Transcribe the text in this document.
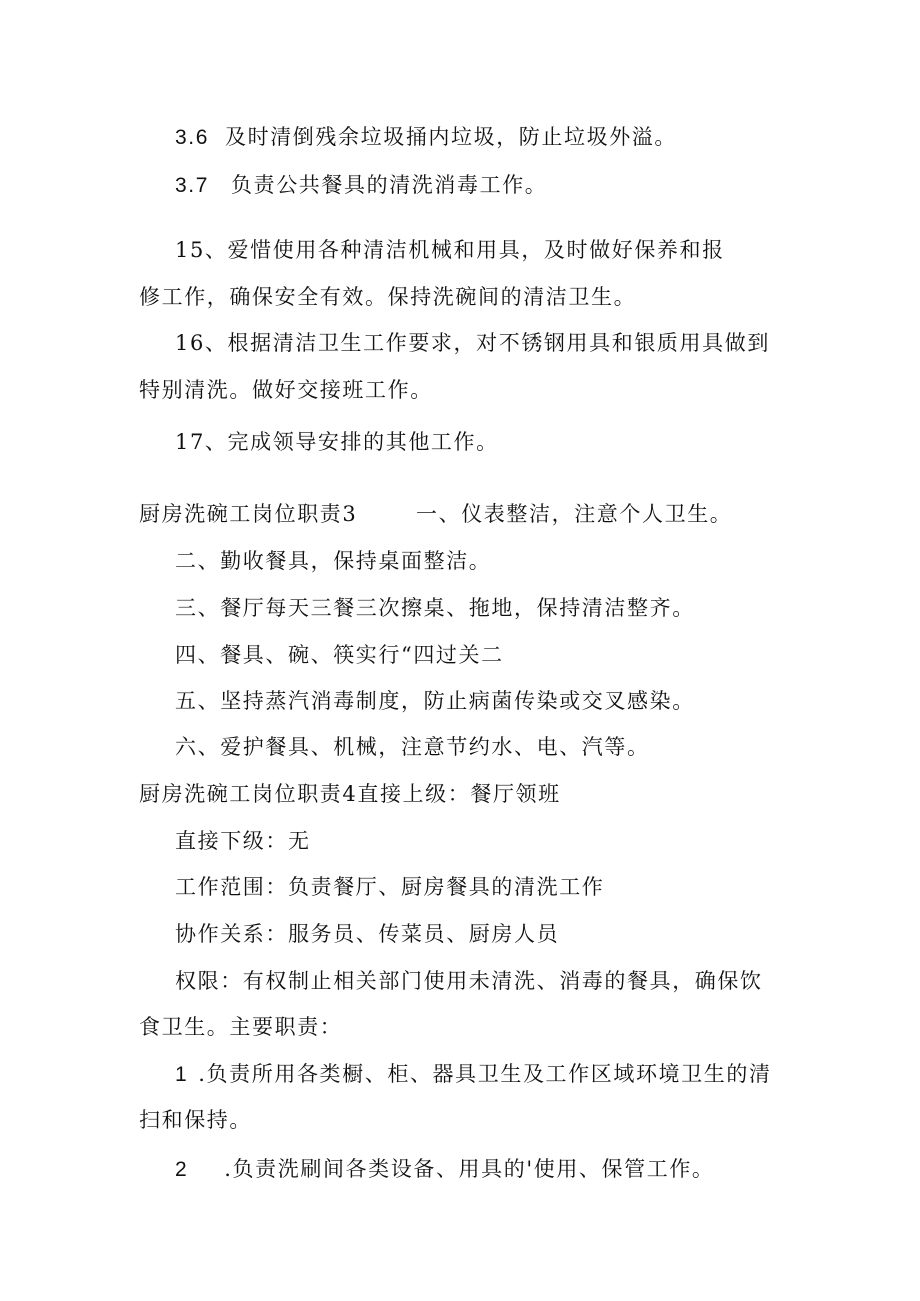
3.6 及时清倒残余垃圾捅内垃圾，防止垃圾外溢。
3.7 负责公共餐具的清洗消毒工作。
15、爱惜使用各种清洁机械和用具，及时做好保养和报
修工作，确保安全有效。保持洗碗间的清洁卫生。
16、根据清洁卫生工作要求，对不锈钢用具和银质用具做到
特别清洗。做好交接班工作。
17、完成领导安排的其他工作。
厨房洗碗工岗位职责3	一、仪表整洁，注意个人卫生。
二、勤收餐具，保持桌面整洁。
三、餐厅每天三餐三次擦桌、拖地，保持清洁整齐。
四、餐具、碗、筷实行“四过关二
五、坚持蒸汽消毒制度，防止病菌传染或交叉感染。
六、爱护餐具、机械，注意节约水、电、汽等。
厨房洗碗工岗位职责4直接上级：餐厅领班
直接下级：无
工作范围：负责餐厅、厨房餐具的清洗工作
协作关系：服务员、传菜员、厨房人员
权限：有权制止相关部门使用未清洗、消毒的餐具，确保饮
食卫生。主要职责：
1 .负责所用各类橱、柜、器具卫生及工作区域环境卫生的清
扫和保持。
2 .负责洗刷间各类设备、用具的'使用、保管工作。
